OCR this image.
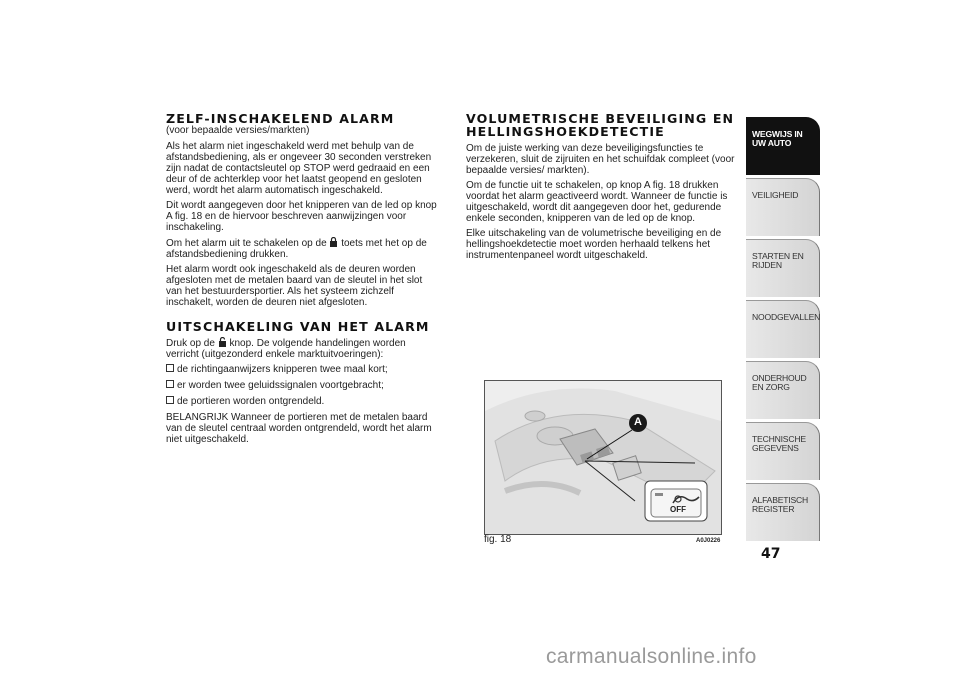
ZELF-INSCHAKELEND ALARM
(voor bepaalde versies/markten)

Als het alarm niet ingeschakeld werd met behulp van de afstandsbediening, als er ongeveer 30 seconden verstreken zijn nadat de contactsleutel op STOP werd gedraaid en een deur of de achterklep voor het laatst geopend en gesloten werd, wordt het alarm automatisch ingeschakeld.

Dit wordt aangegeven door het knipperen van de led op knop A fig. 18 en de hiervoor beschreven aanwijzingen voor inschakeling.

Om het alarm uit te schakelen op de toets met het op de afstandsbediening drukken.

Het alarm wordt ook ingeschakeld als de deuren worden afgesloten met de metalen baard van de sleutel in het slot van het bestuurdersportier. Als het systeem zichzelf inschakelt, worden de deuren niet afgesloten.

UITSCHAKELING VAN HET ALARM

Druk op de knop. De volgende handelingen worden verricht (uitgezonderd enkele marktuitvoeringen):

de richtingaanwijzers knipperen twee maal kort;
er worden twee geluidssignalen voortgebracht;
de portieren worden ontgrendeld.

BELANGRIJK Wanneer de portieren met de metalen baard van de sleutel centraal worden ontgrendeld, wordt het alarm niet uitgeschakeld.

VOLUMETRISCHE BEVEILIGING EN HELLINGSHOEKDETECTIE

Om de juiste werking van deze beveiligingsfuncties te verzekeren, sluit de zijruiten en het schuifdak compleet (voor bepaalde versies/ markten).

Om de functie uit te schakelen, op knop A fig. 18 drukken voordat het alarm geactiveerd wordt. Wanneer de functie is uitgeschakeld, wordt dit aangegeven door het, gedurende enkele seconden, knipperen van de led op de knop.

Elke uitschakeling van de volumetrische beveiliging en de hellingshoekdetectie moet worden herhaald telkens het instrumentenpaneel wordt uitgeschakeld.

A
OFF
fig. 18	A0J0226
WEGWIJS IN UW AUTO
VEILIGHEID
STARTEN EN RIJDEN
NOODGEVALLEN
ONDERHOUD EN ZORG
TECHNISCHE GEGEVENS
ALFABETISCH REGISTER
47
carmanualsonline.info
